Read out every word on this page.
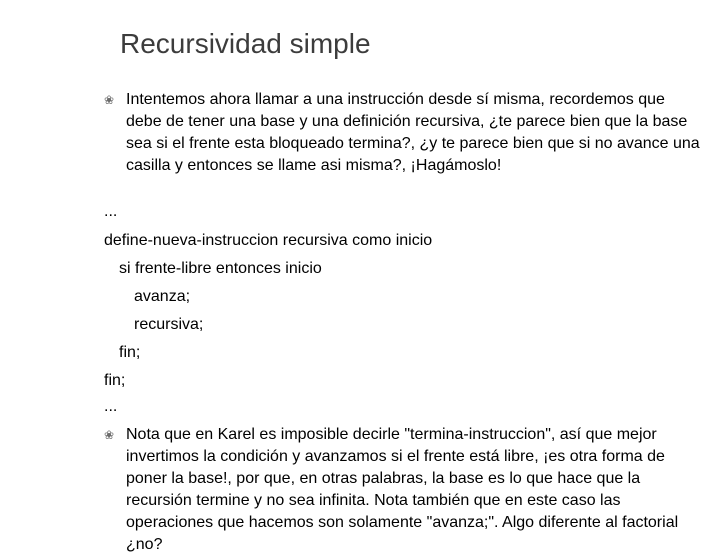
Recursividad simple
❀ Intentemos ahora llamar a una instrucción desde sí misma, recordemos que debe de tener una base y una definición recursiva, ¿te parece bien que la base sea si el frente esta bloqueado termina?, ¿y te parece bien que si no avance una casilla y entonces se llame asi misma?, ¡Hagámoslo!
...
define-nueva-instruccion recursiva como inicio
si frente-libre entonces inicio
avanza;
recursiva;
fin;
fin;
...
❀ Nota que en Karel es imposible decirle "termina-instruccion", así que mejor invertimos la condición y avanzamos si el frente está libre, ¡es otra forma de poner la base!, por que, en otras palabras, la base es lo que hace que la recursión termine y no sea infinita. Nota también que en este caso las operaciones que hacemos son solamente "avanza;". Algo diferente al factorial ¿no?
